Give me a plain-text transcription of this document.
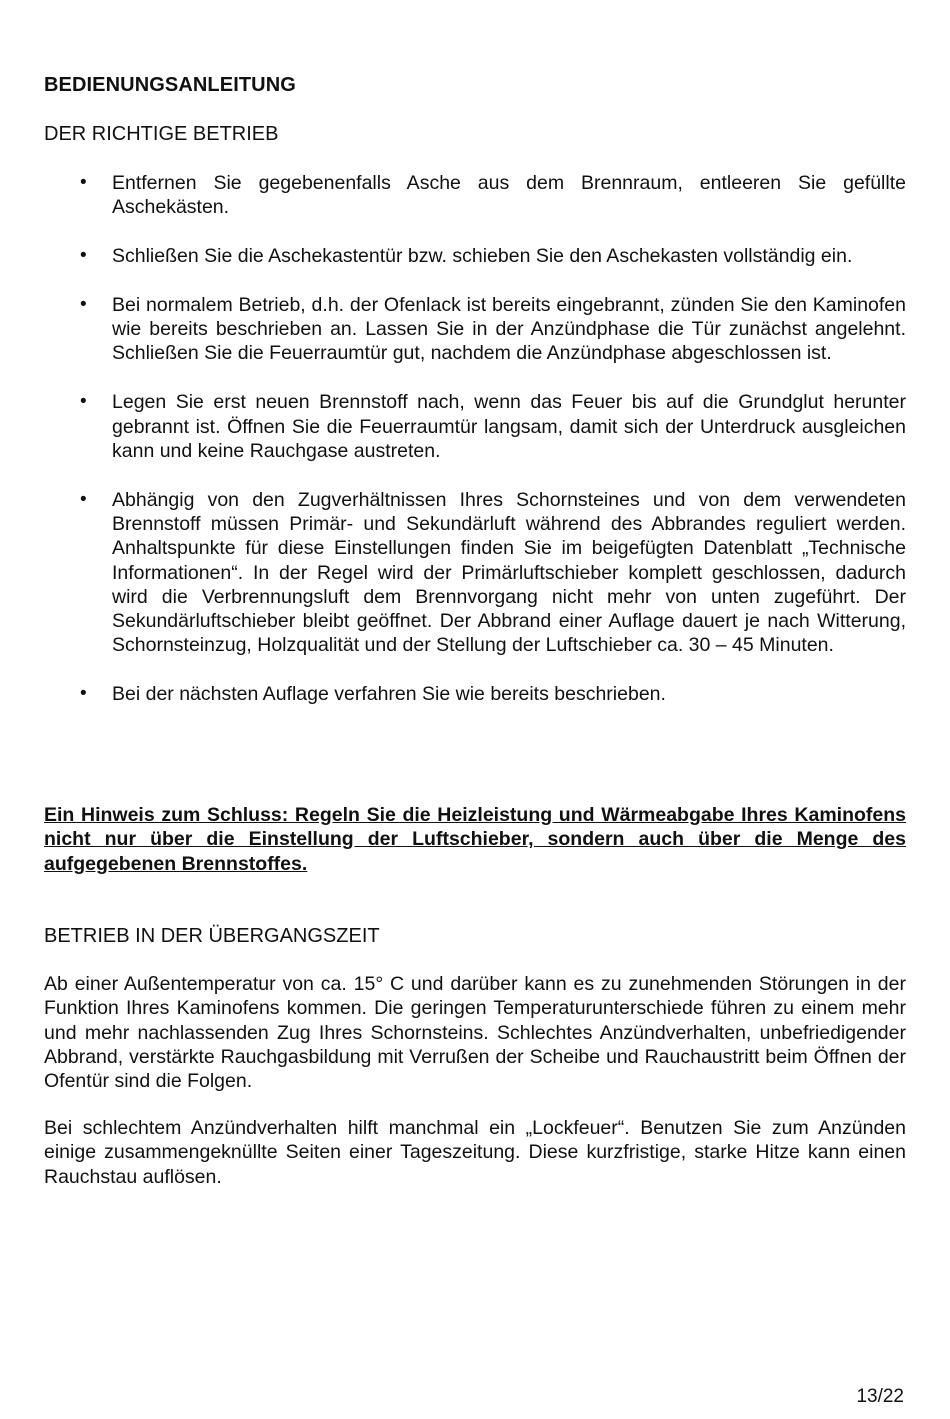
BEDIENUNGSANLEITUNG
DER RICHTIGE BETRIEB
• Entfernen Sie gegebenenfalls Asche aus dem Brennraum, entleeren Sie gefüllte Aschekästen.
• Schließen Sie die Aschekastentür bzw. schieben Sie den Aschekasten vollständig ein.
• Bei normalem Betrieb, d.h. der Ofenlack ist bereits eingebrannt, zünden Sie den Kaminofen wie bereits beschrieben an. Lassen Sie in der Anzündphase die Tür zunächst angelehnt. Schließen Sie die Feuerraumtür gut, nachdem die Anzündphase abgeschlossen ist.
• Legen Sie erst neuen Brennstoff nach, wenn das Feuer bis auf die Grundglut herunter gebrannt ist. Öffnen Sie die Feuerraumtür langsam, damit sich der Unterdruck ausgleichen kann und keine Rauchgase austreten.
• Abhängig von den Zugverhältnissen Ihres Schornsteines und von dem verwendeten Brennstoff müssen Primär- und Sekundärluft während des Abbrandes reguliert werden. Anhaltspunkte für diese Einstellungen finden Sie im beigefügten Datenblatt „Technische Informationen“. In der Regel wird der Primärluftschieber komplett geschlossen, dadurch wird die Verbrennungsluft dem Brennvorgang nicht mehr von unten zugeführt. Der Sekundärluftschieber bleibt geöffnet. Der Abbrand einer Auflage dauert je nach Witterung, Schornsteinzug, Holzqualität und der Stellung der Luftschieber ca. 30 – 45 Minuten.
• Bei der nächsten Auflage verfahren Sie wie bereits beschrieben.

Ein Hinweis zum Schluss: Regeln Sie die Heizleistung und Wärmeabgabe Ihres Kaminofens nicht nur über die Einstellung der Luftschieber, sondern auch über die Menge des aufgegebenen Brennstoffes.

BETRIEB IN DER ÜBERGANGSZEIT

Ab einer Außentemperatur von ca. 15° C und darüber kann es zu zunehmenden Störungen in der Funktion Ihres Kaminofens kommen. Die geringen Temperaturunterschiede führen zu einem mehr und mehr nachlassenden Zug Ihres Schornsteins. Schlechtes Anzündverhalten, unbefriedigender Abbrand, verstärkte Rauchgasbildung mit Verrußen der Scheibe und Rauchaustritt beim Öffnen der Ofentür sind die Folgen.

Bei schlechtem Anzündverhalten hilft manchmal ein „Lockfeuer“. Benutzen Sie zum Anzünden einige zusammengeknüllte Seiten einer Tageszeitung. Diese kurzfristige, starke Hitze kann einen Rauchstau auflösen.

13/22
